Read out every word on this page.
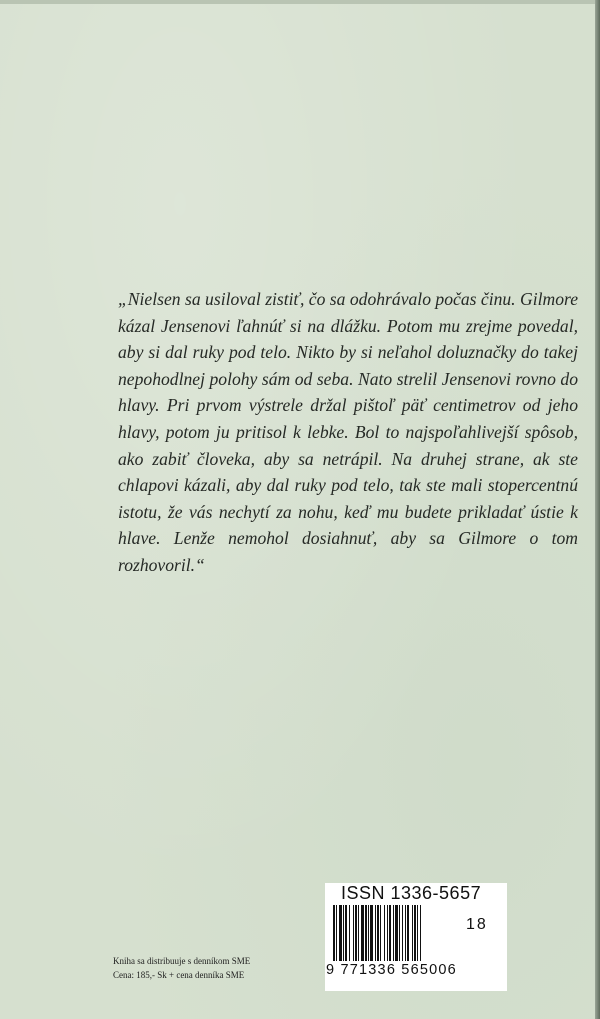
„Nielsen sa usiloval zistiť, čo sa odohrávalo počas činu. Gilmore kázal Jensenovi ľahnúť si na dlážku. Potom mu zrejme povedal, aby si dal ruky pod telo. Nikto by si neľahol doluznačky do takej nepohodlnej polohy sám od seba. Nato strelil Jensenovi rovno do hlavy. Pri prvom výstrele držal pištoľ päť centimetrov od jeho hlavy, potom ju pritisol k lebke. Bol to najspoľahlivejší spôsob, ako zabiť človeka, aby sa netrápil. Na druhej strane, ak ste chlapovi kázali, aby dal ruky pod telo, tak ste mali stopercentnú istotu, že vás nechytí za nohu, keď mu budete prikladať ústie k hlave. Lenže nemohol dosiahnuť, aby sa Gilmore o tom rozhovoril.“

Kniha sa distribuuje s denníkom SME
Cena: 185,- Sk + cena denníka SME
ISSN 1336-5657
18
9 771336 565006
